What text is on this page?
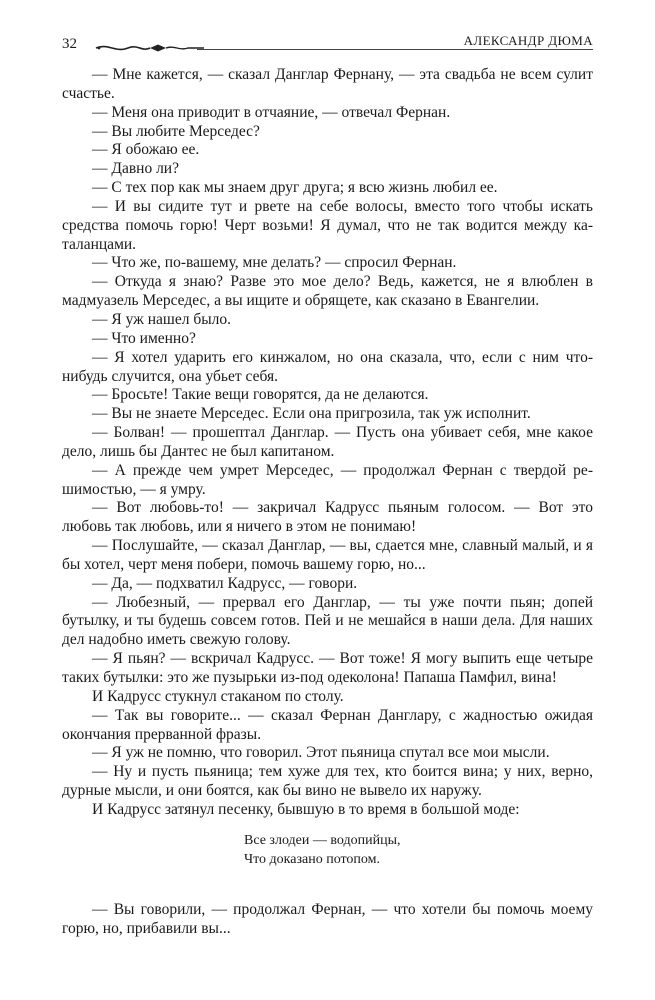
32	АЛЕКСАНДР ДЮМА

— Мне кажется, — сказал Данглар Фернану, — эта свадьба не всем сулит счастье.

— Меня она приводит в отчаяние, — отвечал Фернан.

— Вы любите Мерседес?

— Я обожаю ее.

— Давно ли?

— С тех пор как мы знаем друг друга; я всю жизнь любил ее.

— И вы сидите тут и рвете на себе волосы, вместо того чтобы искать средства помочь горю! Черт возьми! Я думал, что не так водится между каталанцами.

— Что же, по-вашему, мне делать? — спросил Фернан.

— Откуда я знаю? Разве это мое дело? Ведь, кажется, не я влюблен в мадмуазель Мерседес, а вы ищите и обрящете, как сказано в Евангелии.

— Я уж нашел было.

— Что именно?

— Я хотел ударить его кинжалом, но она сказала, что, если с ним что-нибудь случится, она убьет себя.

— Бросьте! Такие вещи говорятся, да не делаются.

— Вы не знаете Мерседес. Если она пригрозила, так уж исполнит.

— Болван! — прошептал Данглар. — Пусть она убивает себя, мне какое дело, лишь бы Дантес не был капитаном.

— А прежде чем умрет Мерседес, — продолжал Фернан с твердой решимостью, — я умру.

— Вот любовь-то! — закричал Кадрусс пьяным голосом. — Вот это любовь так любовь, или я ничего в этом не понимаю!

— Послушайте, — сказал Данглар, — вы, сдается мне, славный малый, и я бы хотел, черт меня побери, помочь вашему горю, но...

— Да, — подхватил Кадрусс, — говори.

— Любезный, — прервал его Данглар, — ты уже почти пьян; допей бутылку, и ты будешь совсем готов. Пей и не мешайся в наши дела. Для наших дел надобно иметь свежую голову.

— Я пьян? — вскричал Кадрусс. — Вот тоже! Я могу выпить еще четыре таких бутылки: это же пузырьки из-под одеколона! Папаша Памфил, вина!

И Кадрусс стукнул стаканом по столу.

— Так вы говорите... — сказал Фернан Данглару, с жадностью ожидая окончания прерванной фразы.

— Я уж не помню, что говорил. Этот пьяница спутал все мои мысли.

— Ну и пусть пьяница; тем хуже для тех, кто боится вина; у них, верно, дурные мысли, и они боятся, как бы вино не вывело их наружу.

И Кадрусс затянул песенку, бывшую в то время в большой моде:

Все злодеи — водопийцы,
Что доказано потопом.

— Вы говорили, — продолжал Фернан, — что хотели бы помочь моему горю, но, прибавили вы...
